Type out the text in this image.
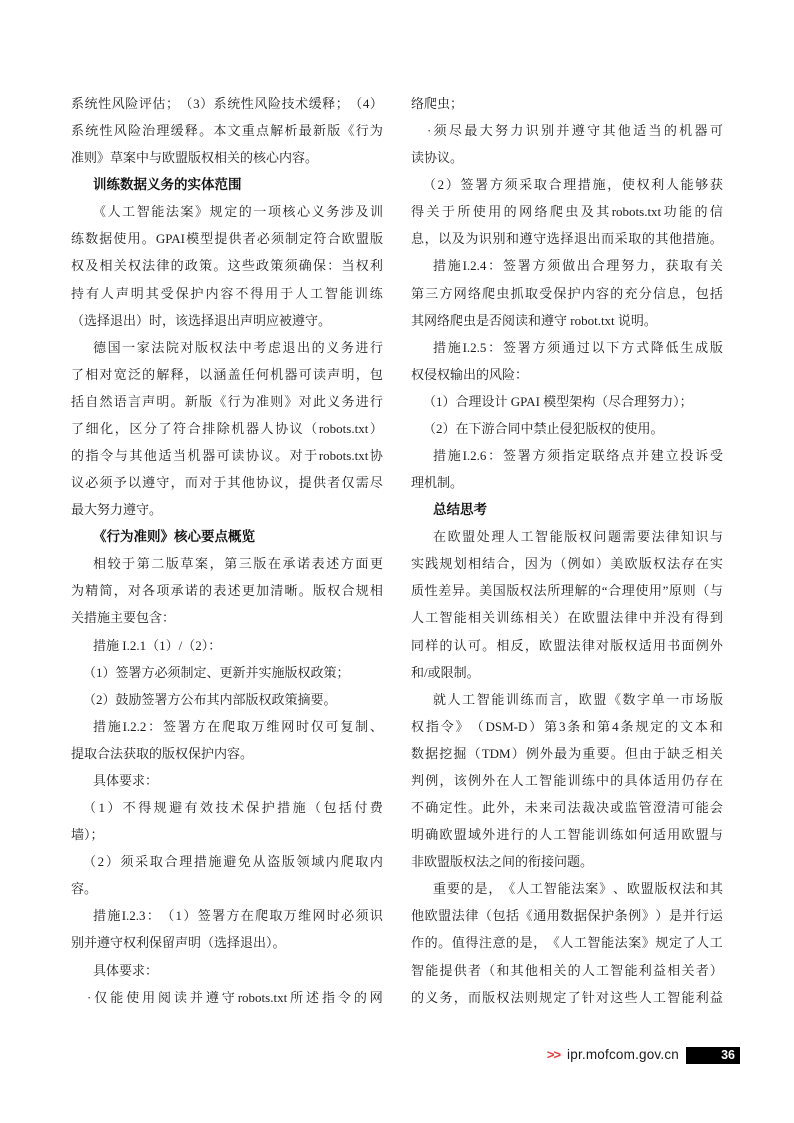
系 统 性 风 险 评 估 ； （ 3 ） 系 统 性 风 险 技 术 缓 释 ； （ 4 ）
系 统 性 风 险 治 理 缓 释 。 本 文 重 点 解 析 最 新 版 《 行 为
准则》草案中与欧盟版权相关的核心内容。
训练数据义务的实体范围
《 人 工 智 能 法 案 》 规 定 的 一 项 核 心 义 务 涉 及 训
练 数 据 使 用 。 GPAI 模 型 提 供 者 必 须 制 定 符 合 欧 盟 版
权 及 相 关 权 法 律 的 政 策 。 这 些 政 策 须 确 保 ： 当 权 利
持 有 人 声 明 其 受 保 护 内 容 不 得 用 于 人 工 智 能 训 练
（选择退出）时，该选择退出声明应被遵守。
德 国 一 家 法 院 对 版 权 法 中 考 虑 退 出 的 义 务 进 行
了 相 对 宽 泛 的 解 释 ， 以 涵 盖 任 何 机 器 可 读 声 明 ， 包
括 自 然 语 言 声 明 。 新 版 《 行 为 准 则 》 对 此 义 务 进 行
了 细 化 ， 区 分 了 符 合 排 除 机 器 人 协 议 （ robots.txt ）
的 指 令 与 其 他 适 当 机 器 可 读 协 议 。 对 于 robots.txt 协
议 必 须 予 以 遵 守 ， 而 对 于 其 他 协 议 ， 提 供 者 仅 需 尽
最大努力遵守。
《行为准则》核心要点概览
相 较 于 第 二 版 草 案 ， 第 三 版 在 承 诺 表 述 方 面 更
为 精 简 ， 对 各 项 承 诺 的 表 述 更 加 清 晰 。 版 权 合 规 相
关措施主要包含：
措施 I.2.1（1）/（2）：
（1）签署方必须制定、更新并实施版权政策；
（2）鼓励签署方公布其内部版权政策摘要。
措 施 I.2.2 ： 签 署 方 在 爬 取 万 维 网 时 仅 可 复 制 、
提取合法获取的版权保护内容。
具体要求：
（ 1 ） 不 得 规 避 有 效 技 术 保 护 措 施 （ 包 括 付 费
墙）；
（ 2 ） 须 采 取 合 理 措 施 避 免 从 盗 版 领 域 内 爬 取 内
容。
措 施 I.2.3 ： （ 1 ） 签 署 方 在 爬 取 万 维 网 时 必 须 识
别并遵守权利保留声明（选择退出）。
具体要求：
· 仅 能 使 用 阅 读 并 遵 守 robots.txt 所 述 指 令 的 网
络爬虫；
· 须 尽 最 大 努 力 识 别 并 遵 守 其 他 适 当 的 机 器 可
读协议。
（ 2 ） 签 署 方 须 采 取 合 理 措 施 ， 使 权 利 人 能 够 获
得 关 于 所 使 用 的 网 络 爬 虫 及 其 robots.txt 功 能 的 信
息 ， 以 及 为 识 别 和 遵 守 选 择 退 出 而 采 取 的 其 他 措 施 。
措 施 I.2.4 ： 签 署 方 须 做 出 合 理 努 力 ， 获 取 有 关
第 三 方 网 络 爬 虫 抓 取 受 保 护 内 容 的 充 分 信 息 ， 包 括
其网络爬虫是否阅读和遵守 robot.txt 说明。
措 施 I.2.5 ： 签 署 方 须 通 过 以 下 方 式 降 低 生 成 版
权侵权输出的风险：
（1）合理设计 GPAI 模型架构（尽合理努力）；
（2）在下游合同中禁止侵犯版权的使用。
措 施 I.2.6 ： 签 署 方 须 指 定 联 络 点 并 建 立 投 诉 受
理机制。
总结思考
在 欧 盟 处 理 人 工 智 能 版 权 问 题 需 要 法 律 知 识 与
实 践 规 划 相 结 合 ， 因 为 （ 例 如 ） 美 欧 版 权 法 存 在 实
质 性 差 异 。 美 国 版 权 法 所 理 解 的 “ 合 理 使 用 ” 原 则 （ 与
人 工 智 能 相 关 训 练 相 关 ） 在 欧 盟 法 律 中 并 没 有 得 到
同 样 的 认 可 。 相 反 ， 欧 盟 法 律 对 版 权 适 用 书 面 例 外
和/或限制。
就 人 工 智 能 训 练 而 言 ， 欧 盟 《 数 字 单 一 市 场 版
权 指 令 》 （ DSM-D ） 第 3 条 和 第 4 条 规 定 的 文 本 和
数 据 挖 掘 （ TDM ） 例 外 最 为 重 要 。 但 由 于 缺 乏 相 关
判 例 ， 该 例 外 在 人 工 智 能 训 练 中 的 具 体 适 用 仍 存 在
不 确 定 性 。 此 外 ， 未 来 司 法 裁 决 或 监 管 澄 清 可 能 会
明 确 欧 盟 域 外 进 行 的 人 工 智 能 训 练 如 何 适 用 欧 盟 与
非欧盟版权法之间的衔接问题。
重 要 的 是 ， 《 人 工 智 能 法 案 》 、 欧 盟 版 权 法 和 其
他 欧 盟 法 律 （ 包 括 《 通 用 数 据 保 护 条 例 》 ） 是 并 行 运
作 的 。 值 得 注 意 的 是 ， 《 人 工 智 能 法 案 》 规 定 了 人 工
智 能 提 供 者 （ 和 其 他 相 关 的 人 工 智 能 利 益 相 关 者 ）
的 义 务 ， 而 版 权 法 则 规 定 了 针 对 这 些 人 工 智 能 利 益
>> ipr.mofcom.gov.cn	36
